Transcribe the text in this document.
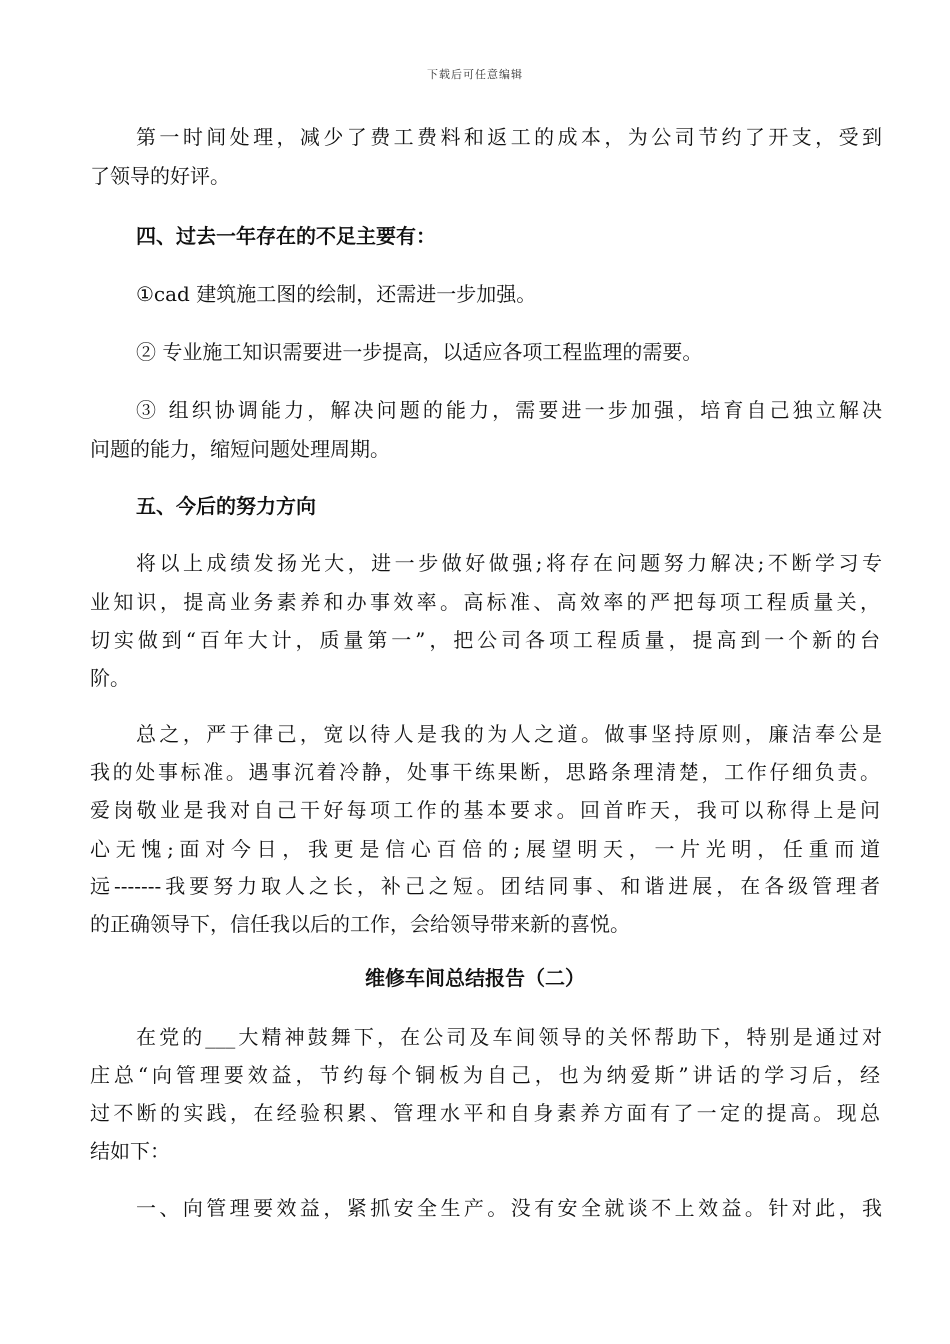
下载后可任意编辑
第一时间处理，减少了费工费料和返工的成本，为公司节约了开支，受到
了领导的好评。
四、过去一年存在的不足主要有：
①cad 建筑施工图的绘制，还需进一步加强。
② 专业施工知识需要进一步提高，以适应各项工程监理的需要。
③ 组织协调能力，解决问题的能力，需要进一步加强，培育自己独立解决
问题的能力，缩短问题处理周期。
五、今后的努力方向
将以上成绩发扬光大，进一步做好做强;将存在问题努力解决;不断学习专
业知识，提高业务素养和办事效率。高标准、高效率的严把每项工程质量关，
切实做到“百年大计，质量第一”，把公司各项工程质量，提高到一个新的台
阶。
总之，严于律己，宽以待人是我的为人之道。做事坚持原则，廉洁奉公是
我的处事标准。遇事沉着冷静，处事干练果断，思路条理清楚，工作仔细负责。
爱岗敬业是我对自己干好每项工作的基本要求。回首昨天，我可以称得上是问
心无愧;面对今日，我更是信心百倍的;展望明天，一片光明，任重而道
远-------我要努力取人之长，补己之短。团结同事、和谐进展，在各级管理者
的正确领导下，信任我以后的工作，会给领导带来新的喜悦。
维修车间总结报告（二）
在党的___大精神鼓舞下，在公司及车间领导的关怀帮助下，特别是通过对
庄总“向管理要效益，节约每个铜板为自己，也为纳爱斯”讲话的学习后，经
过不断的实践，在经验积累、管理水平和自身素养方面有了一定的提高。现总
结如下：
一、向管理要效益，紧抓安全生产。没有安全就谈不上效益。针对此，我
